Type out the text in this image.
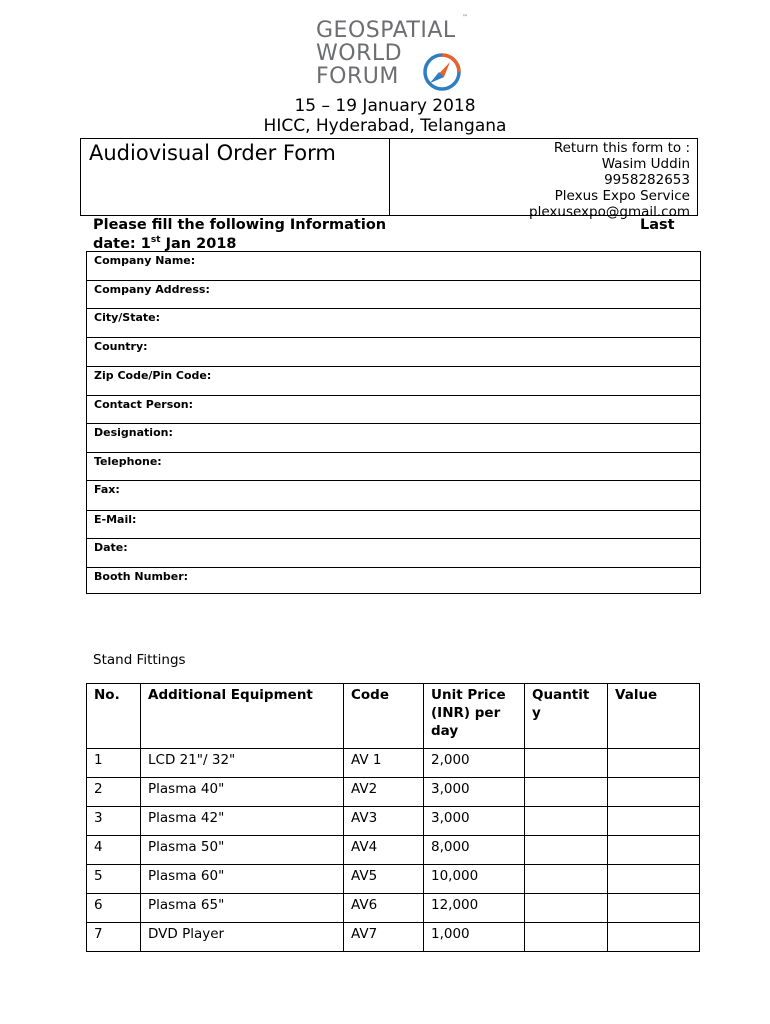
GEOSPATIAL
WORLD
FORUM
™
15 – 19 January 2018
HICC, Hyderabad, Telangana
Audiovisual Order Form	Return this form to :
Wasim Uddin
9958282653
Plexus Expo Service
plexusexpo@gmail.com
Please fill the following Information	Last
date: 1st Jan 2018
Company Name:
Company Address:
City/State:
Country:
Zip Code/Pin Code:
Contact Person:
Designation:
Telephone:
Fax:
E-Mail:
Date:
Booth Number:
Stand Fittings
No.	Additional Equipment	Code	Unit Price (INR) per day	Quantit y	Value
1	LCD 21"/ 32"	AV 1	2,000		
2	Plasma 40"	AV2	3,000		
3	Plasma 42"	AV3	3,000		
4	Plasma 50"	AV4	8,000		
5	Plasma 60"	AV5	10,000		
6	Plasma 65"	AV6	12,000		
7	DVD Player	AV7	1,000		
